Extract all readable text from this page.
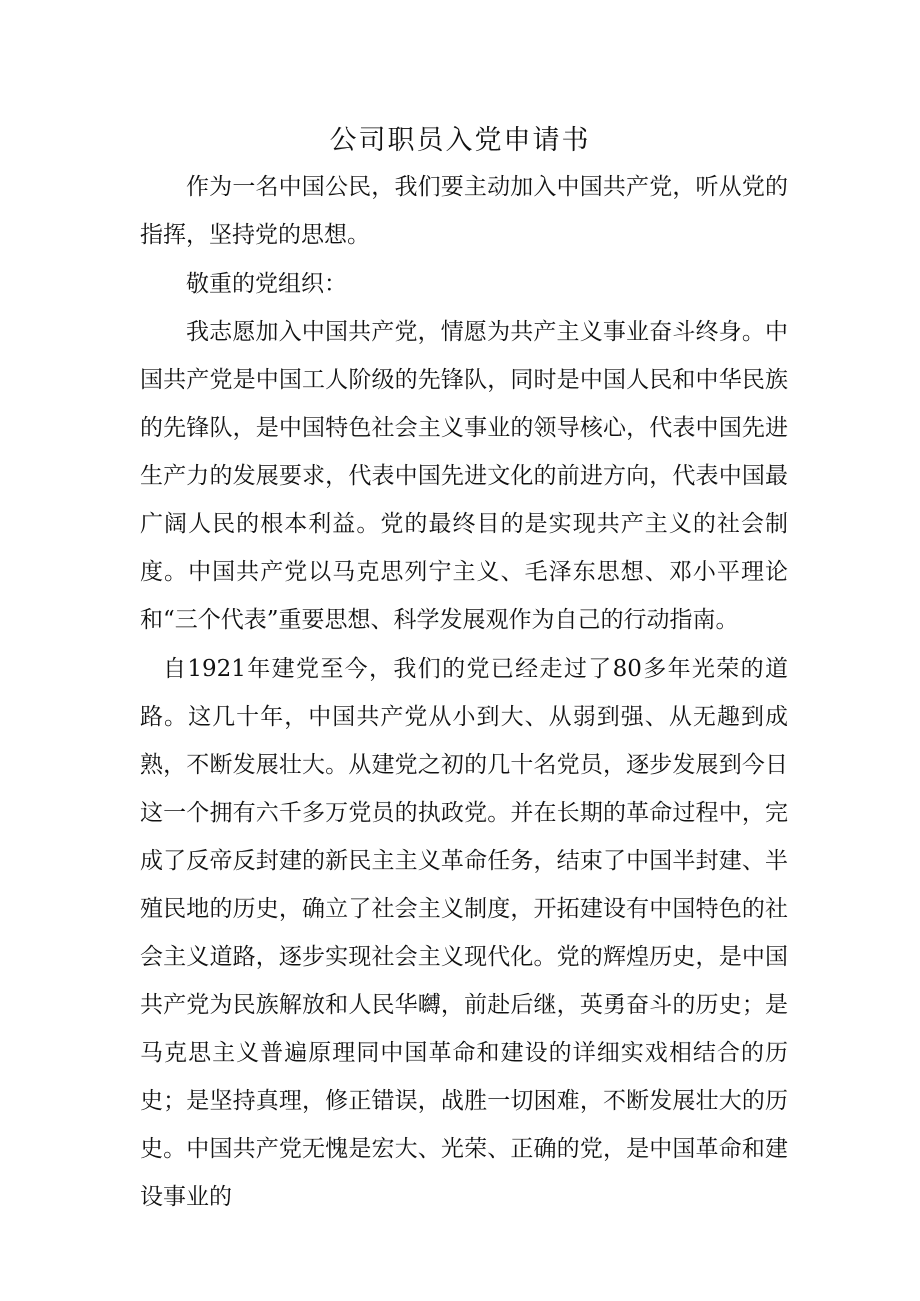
公司职员入党申请书

作为一名中国公民，我们要主动加入中国共产党，听从党的指挥，坚持党的思想。

敬重的党组织：

我志愿加入中国共产党，情愿为共产主义事业奋斗终身。中国共产党是中国工人阶级的先锋队，同时是中国人民和中华民族的先锋队，是中国特色社会主义事业的领导核心，代表中国先进生产力的发展要求，代表中国先进文化的前进方向，代表中国最广阔人民的根本利益。党的最终目的是实现共产主义的社会制度。中国共产党以马克思列宁主义、毛泽东思想、邓小平理论和“三个代表”重要思想、科学发展观作为自己的行动指南。

自1921年建党至今，我们的党已经走过了80多年光荣的道路。这几十年，中国共产党从小到大、从弱到强、从无趣到成熟，不断发展壮大。从建党之初的几十名党员，逐步发展到今日这一个拥有六千多万党员的执政党。并在长期的革命过程中，完成了反帝反封建的新民主主义革命任务，结束了中国半封建、半殖民地的历史，确立了社会主义制度，开拓建设有中国特色的社会主义道路，逐步实现社会主义现代化。党的辉煌历史，是中国共产党为民族解放和人民华嚩，前赴后继，英勇奋斗的历史；是马克思主义普遍原理同中国革命和建设的详细实戏相结合的历史；是坚持真理，修正错误，战胜一切困难，不断发展壮大的历史。中国共产党无愧是宏大、光荣、正确的党，是中国革命和建设事业的
